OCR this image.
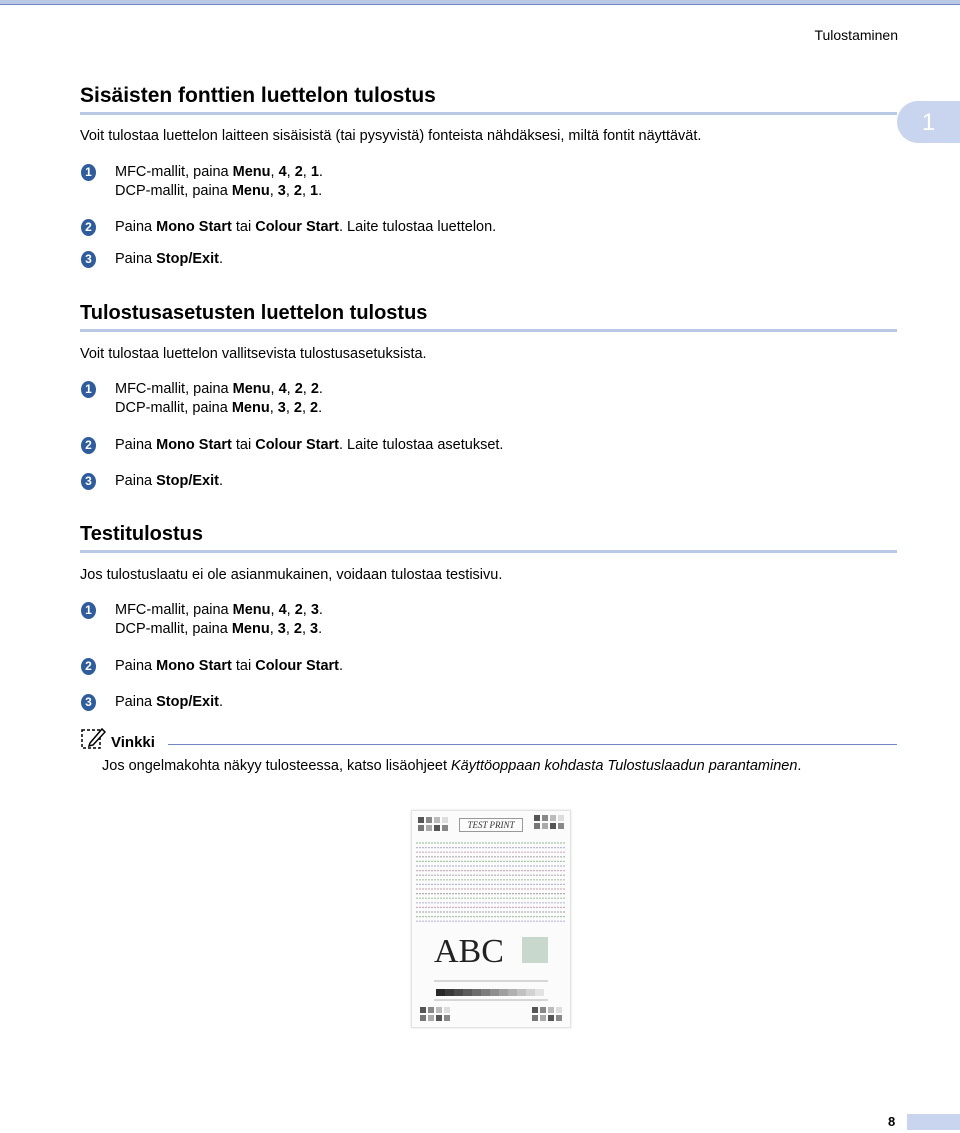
Tulostaminen
1
Sisäisten fonttien luettelon tulostus
Voit tulostaa luettelon laitteen sisäisistä (tai pysyvistä) fonteista nähdäksesi, miltä fontit näyttävät.
1 MFC-mallit, paina Menu, 4, 2, 1.
DCP-mallit, paina Menu, 3, 2, 1.
2 Paina Mono Start tai Colour Start. Laite tulostaa luettelon.
3 Paina Stop/Exit.
Tulostusasetusten luettelon tulostus
Voit tulostaa luettelon vallitsevista tulostusasetuksista.
1 MFC-mallit, paina Menu, 4, 2, 2.
DCP-mallit, paina Menu, 3, 2, 2.
2 Paina Mono Start tai Colour Start. Laite tulostaa asetukset.
3 Paina Stop/Exit.
Testitulostus
Jos tulostuslaatu ei ole asianmukainen, voidaan tulostaa testisivu.
1 MFC-mallit, paina Menu, 4, 2, 3.
DCP-mallit, paina Menu, 3, 2, 3.
2 Paina Mono Start tai Colour Start.
3 Paina Stop/Exit.
Vinkki
Jos ongelmakohta näkyy tulosteessa, katso lisäohjeet Käyttöoppaan kohdasta Tulostuslaadun parantaminen.
TEST PRINT
ABC
8
